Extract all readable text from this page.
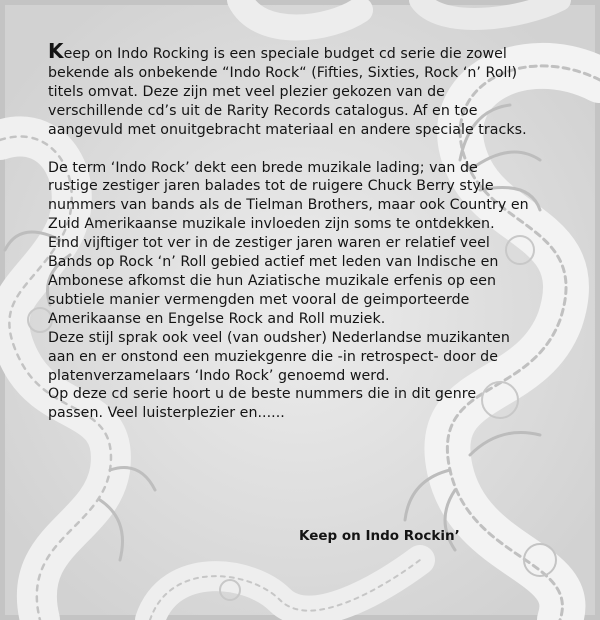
Keep on Indo Rocking is een speciale budget cd serie die zowel
bekende als onbekende “Indo Rock“ (Fifties, Sixties, Rock ‘n’ Roll)
titels omvat. Deze zijn met veel plezier gekozen van de
verschillende cd’s uit de Rarity Records catalogus. Af en toe
aangevuld met onuitgebracht materiaal en andere speciale tracks.
De term ‘Indo Rock’ dekt een brede muzikale lading; van de
rustige zestiger jaren balades tot de ruigere Chuck Berry style
nummers van bands als de Tielman Brothers, maar ook Country en
Zuid Amerikaanse muzikale invloeden zijn soms te ontdekken.
Eind vijftiger tot ver in de zestiger jaren waren er relatief veel
Bands op Rock ‘n’ Roll gebied actief met leden van Indische en
Ambonese afkomst die hun Aziatische muzikale erfenis op een
subtiele manier vermengden met vooral de geimporteerde
Amerikaanse en Engelse Rock and Roll muziek.
Deze stijl sprak ook veel (van oudsher) Nederlandse muzikanten
aan en er onstond een muziekgenre die -in retrospect- door de
platenverzamelaars ‘Indo Rock’ genoemd werd.
Op deze cd serie hoort u de beste nummers die in dit genre
passen. Veel luisterplezier en......
Keep on Indo Rockin’
